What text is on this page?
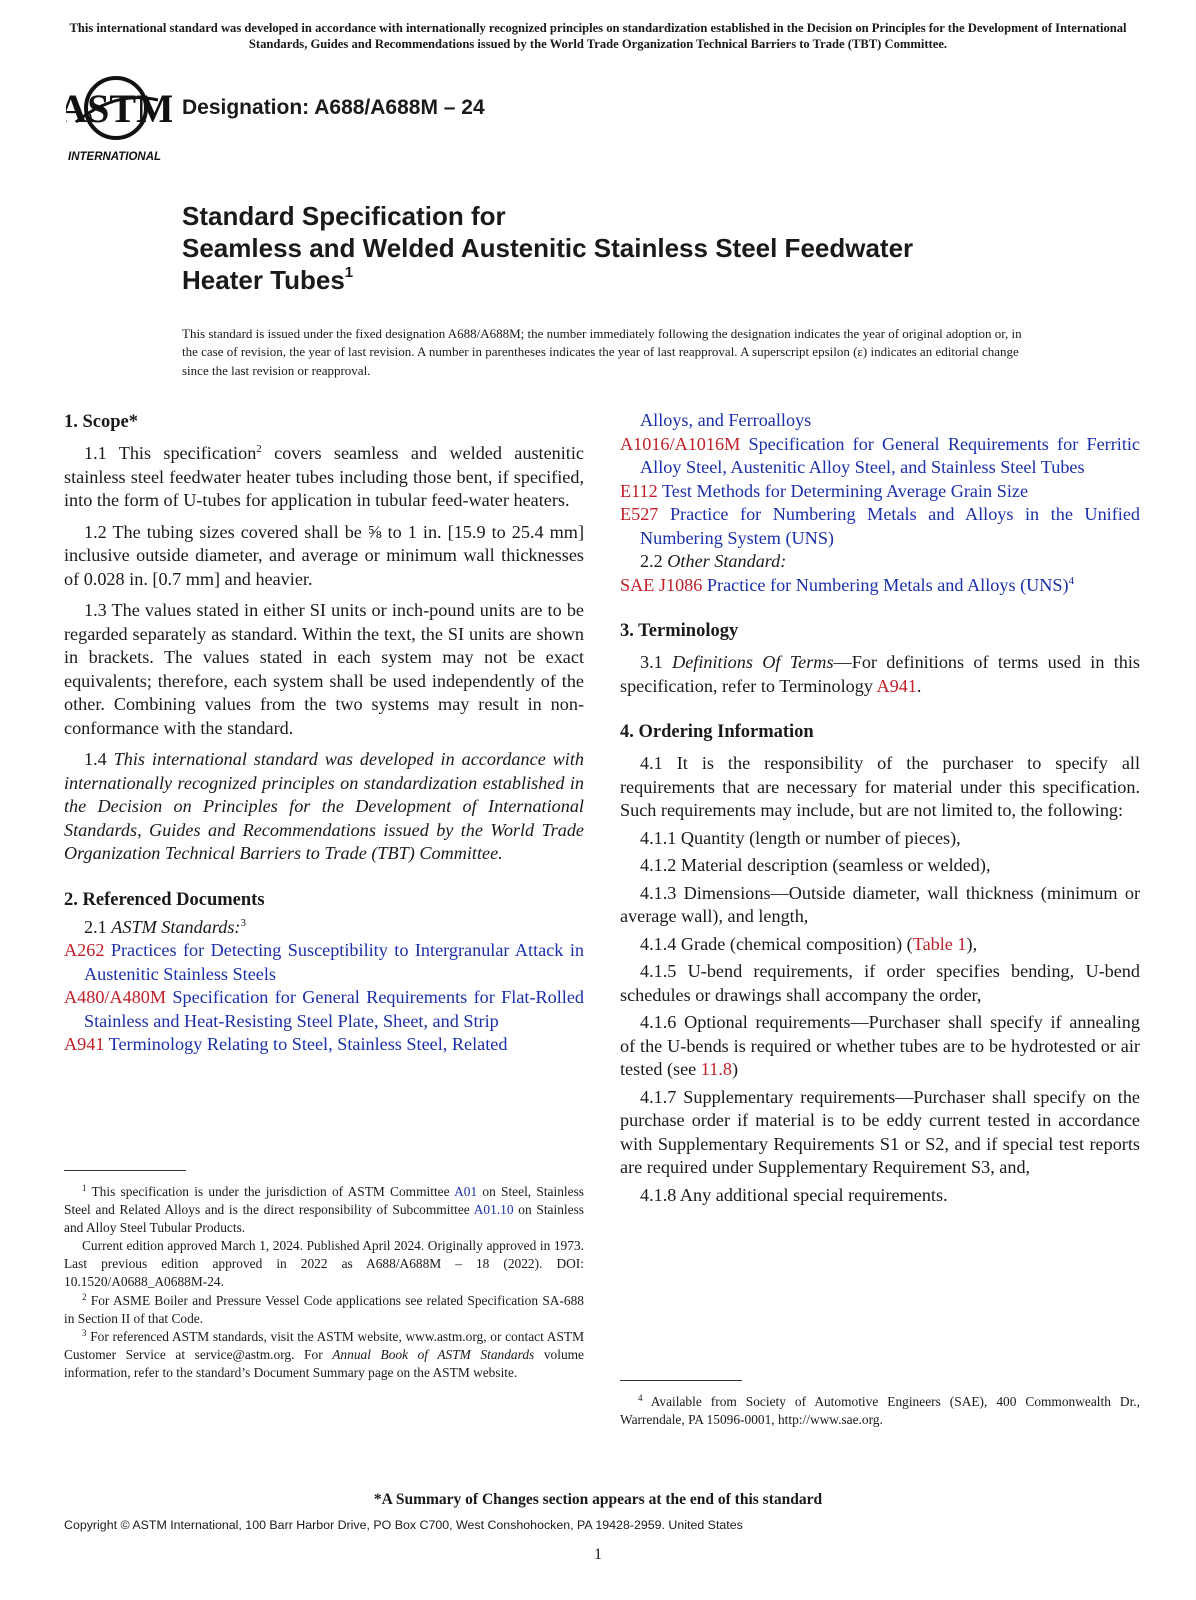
This international standard was developed in accordance with internationally recognized principles on standardization established in the Decision on Principles for the Development of International Standards, Guides and Recommendations issued by the World Trade Organization Technical Barriers to Trade (TBT) Committee.
ASTM
INTERNATIONAL
Designation: A688/A688M – 24
Standard Specification for
Seamless and Welded Austenitic Stainless Steel Feedwater
Heater Tubes$^1$
This standard is issued under the fixed designation A688/A688M; the number immediately following the designation indicates the year of original adoption or, in the case of revision, the year of last revision. A number in parentheses indicates the year of last reapproval. A superscript epsilon (ε) indicates an editorial change since the last revision or reapproval.
1. Scope*

1.1 This specification$^2$ covers seamless and welded austenitic stainless steel feedwater heater tubes including those bent, if specified, into the form of U-tubes for application in tubular feed-water heaters.

1.2 The tubing sizes covered shall be ⅝ to 1 in. [15.9 to 25.4 mm] inclusive outside diameter, and average or minimum wall thicknesses of 0.028 in. [0.7 mm] and heavier.

1.3 The values stated in either SI units or inch-pound units are to be regarded separately as standard. Within the text, the SI units are shown in brackets. The values stated in each system may not be exact equivalents; therefore, each system shall be used independently of the other. Combining values from the two systems may result in non-conformance with the standard.

1.4 This international standard was developed in accordance with internationally recognized principles on standardization established in the Decision on Principles for the Development of International Standards, Guides and Recommendations issued by the World Trade Organization Technical Barriers to Trade (TBT) Committee.

2. Referenced Documents

2.1 ASTM Standards:$^3$

A262 Practices for Detecting Susceptibility to Intergranular Attack in Austenitic Stainless Steels

A480/A480M Specification for General Requirements for Flat-Rolled Stainless and Heat-Resisting Steel Plate, Sheet, and Strip

A941 Terminology Relating to Steel, Stainless Steel, Related

$^1$ This specification is under the jurisdiction of ASTM Committee A01 on Steel, Stainless Steel and Related Alloys and is the direct responsibility of Subcommittee A01.10 on Stainless and Alloy Steel Tubular Products.

Current edition approved March 1, 2024. Published April 2024. Originally approved in 1973. Last previous edition approved in 2022 as A688/A688M – 18 (2022). DOI: 10.1520/A0688_A0688M-24.

$^2$ For ASME Boiler and Pressure Vessel Code applications see related Specification SA-688 in Section II of that Code.

$^3$ For referenced ASTM standards, visit the ASTM website, www.astm.org, or contact ASTM Customer Service at service@astm.org. For Annual Book of ASTM Standards volume information, refer to the standard’s Document Summary page on the ASTM website.

Alloys, and Ferroalloys

A1016/A1016M Specification for General Requirements for Ferritic Alloy Steel, Austenitic Alloy Steel, and Stainless Steel Tubes

E112 Test Methods for Determining Average Grain Size

E527 Practice for Numbering Metals and Alloys in the Unified Numbering System (UNS)

2.2 Other Standard:

SAE J1086 Practice for Numbering Metals and Alloys (UNS)$^4$

3. Terminology

3.1 Definitions Of Terms—For definitions of terms used in this specification, refer to Terminology A941.

4. Ordering Information

4.1 It is the responsibility of the purchaser to specify all requirements that are necessary for material under this specification. Such requirements may include, but are not limited to, the following:

4.1.1 Quantity (length or number of pieces),

4.1.2 Material description (seamless or welded),

4.1.3 Dimensions—Outside diameter, wall thickness (minimum or average wall), and length,

4.1.4 Grade (chemical composition) (Table 1),

4.1.5 U-bend requirements, if order specifies bending, U-bend schedules or drawings shall accompany the order,

4.1.6 Optional requirements—Purchaser shall specify if annealing of the U-bends is required or whether tubes are to be hydrotested or air tested (see 11.8)

4.1.7 Supplementary requirements—Purchaser shall specify on the purchase order if material is to be eddy current tested in accordance with Supplementary Requirements S1 or S2, and if special test reports are required under Supplementary Requirement S3, and,

4.1.8 Any additional special requirements.

$^4$ Available from Society of Automotive Engineers (SAE), 400 Commonwealth Dr., Warrendale, PA 15096-0001, http://www.sae.org.

*A Summary of Changes section appears at the end of this standard
Copyright © ASTM International, 100 Barr Harbor Drive, PO Box C700, West Conshohocken, PA 19428-2959. United States
1
